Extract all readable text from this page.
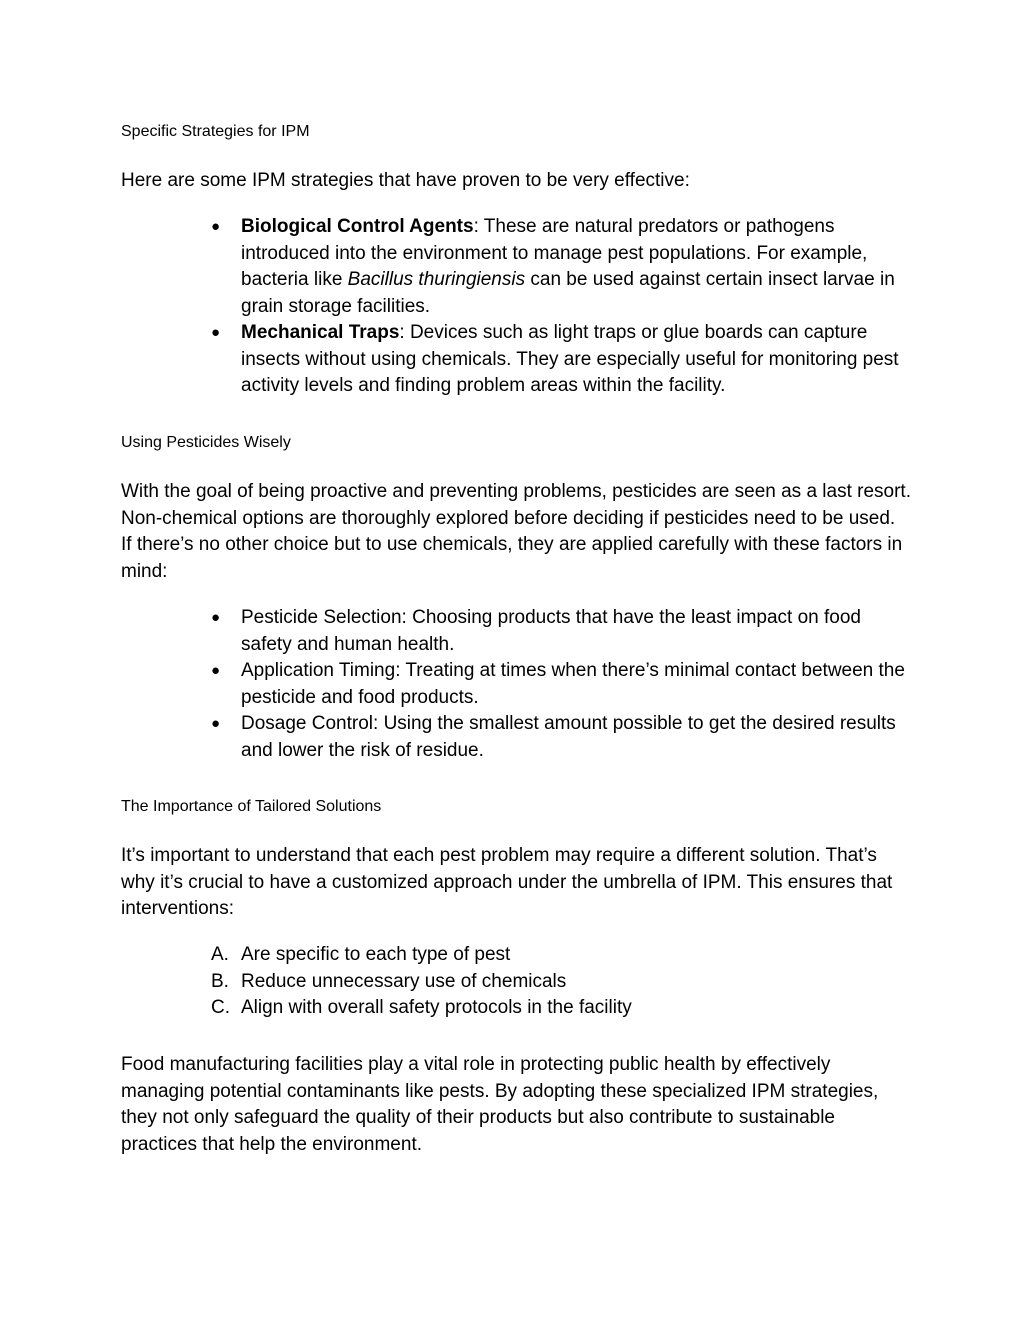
Specific Strategies for IPM
Here are some IPM strategies that have proven to be very effective:
● Biological Control Agents: These are natural predators or pathogens introduced into the environment to manage pest populations. For example, bacteria like Bacillus thuringiensis can be used against certain insect larvae in grain storage facilities.
● Mechanical Traps: Devices such as light traps or glue boards can capture insects without using chemicals. They are especially useful for monitoring pest activity levels and finding problem areas within the facility.
Using Pesticides Wisely
With the goal of being proactive and preventing problems, pesticides are seen as a last resort. Non-chemical options are thoroughly explored before deciding if pesticides need to be used. If there’s no other choice but to use chemicals, they are applied carefully with these factors in mind:
● Pesticide Selection: Choosing products that have the least impact on food safety and human health.
● Application Timing: Treating at times when there’s minimal contact between the pesticide and food products.
● Dosage Control: Using the smallest amount possible to get the desired results and lower the risk of residue.
The Importance of Tailored Solutions
It’s important to understand that each pest problem may require a different solution. That’s why it’s crucial to have a customized approach under the umbrella of IPM. This ensures that interventions:
A. Are specific to each type of pest
B. Reduce unnecessary use of chemicals
C. Align with overall safety protocols in the facility
Food manufacturing facilities play a vital role in protecting public health by effectively managing potential contaminants like pests. By adopting these specialized IPM strategies, they not only safeguard the quality of their products but also contribute to sustainable practices that help the environment.
